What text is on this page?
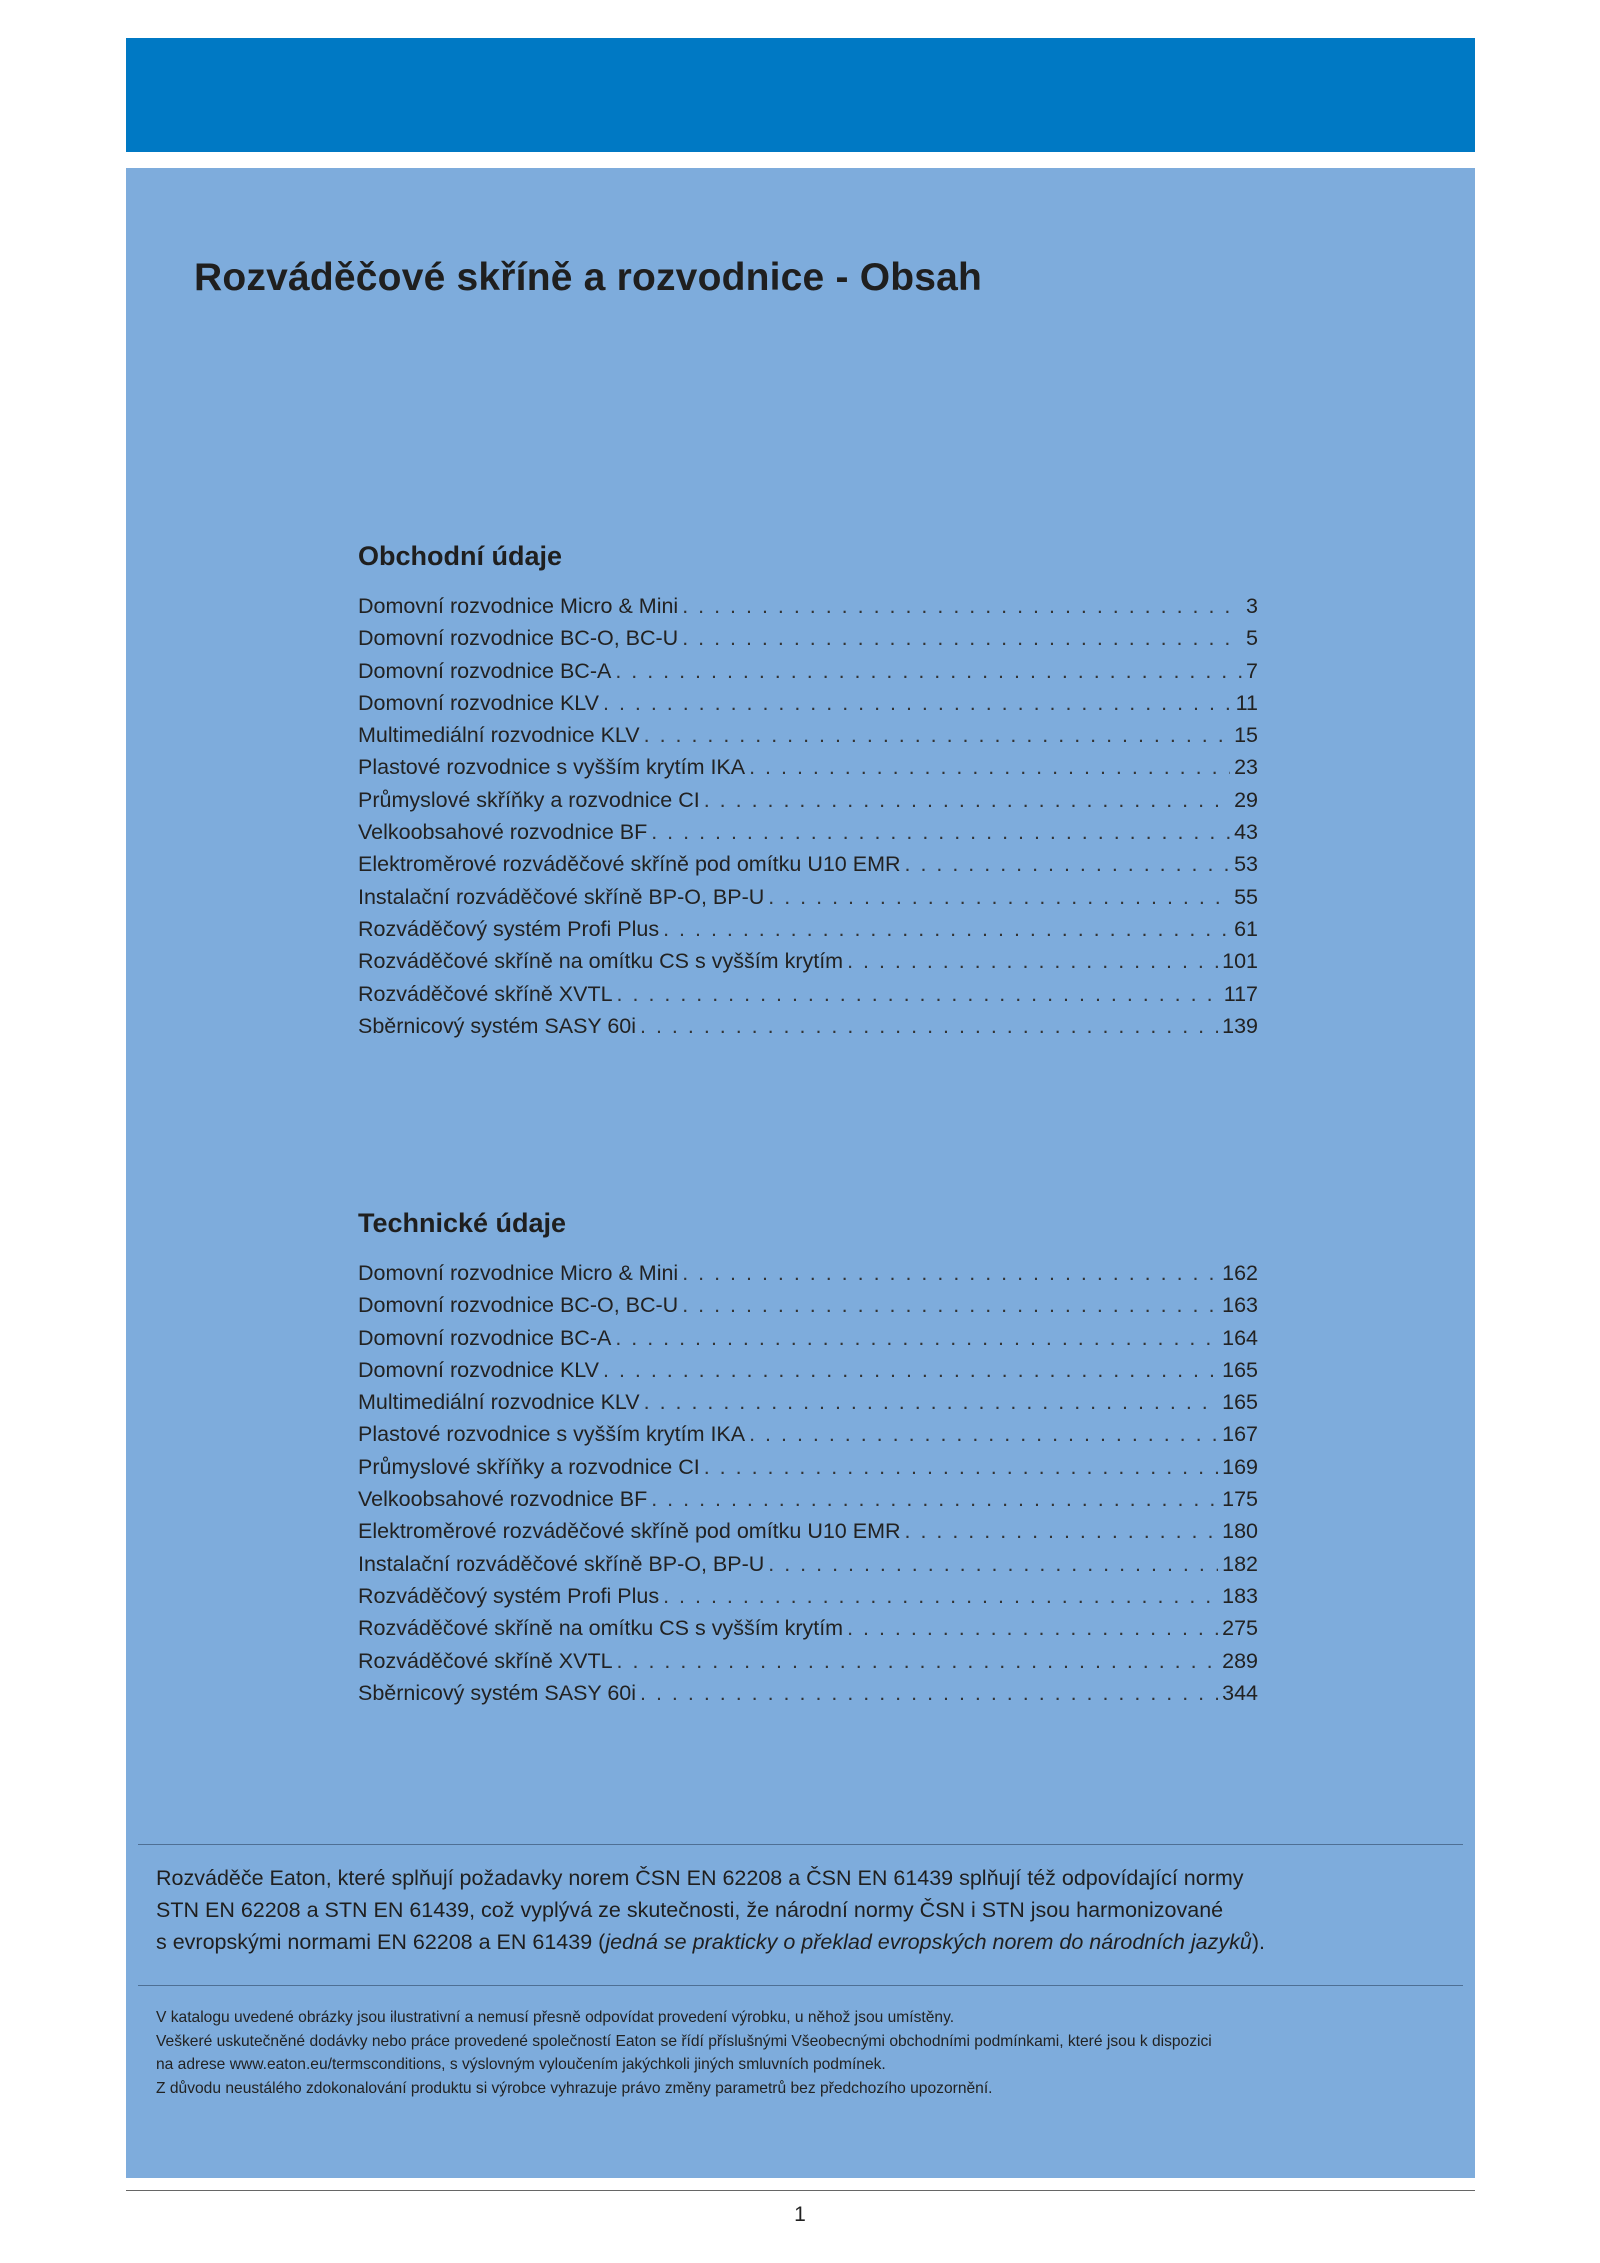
Rozváděčové skříně a rozvodnice - Obsah
Obchodní údaje
Domovní rozvodnice Micro & Mini . . .	3
Domovní rozvodnice BC-O, BC-U . . .	5
Domovní rozvodnice BC-A . . .	7
Domovní rozvodnice KLV . . .	11
Multimediální rozvodnice KLV . . .	15
Plastové rozvodnice s vyšším krytím IKA . . .	23
Průmyslové skříňky a rozvodnice CI . . .	29
Velkoobsahové rozvodnice BF . . .	43
Elektroměrové rozváděčové skříně pod omítku U10 EMR . . .	53
Instalační rozváděčové skříně BP-O, BP-U . . .	55
Rozváděčový systém Profi Plus . . .	61
Rozváděčové skříně na omítku CS s vyšším krytím . . .	101
Rozváděčové skříně XVTL . . .	117
Sběrnicový systém SASY 60i . . .	139
Technické údaje
Domovní rozvodnice Micro & Mini . . .	162
Domovní rozvodnice BC-O, BC-U . . .	163
Domovní rozvodnice BC-A . . .	164
Domovní rozvodnice KLV . . .	165
Multimediální rozvodnice KLV . . .	165
Plastové rozvodnice s vyšším krytím IKA . . .	167
Průmyslové skříňky a rozvodnice CI . . .	169
Velkoobsahové rozvodnice BF . . .	175
Elektroměrové rozváděčové skříně pod omítku U10 EMR . . .	180
Instalační rozváděčové skříně BP-O, BP-U . . .	182
Rozváděčový systém Profi Plus . . .	183
Rozváděčové skříně na omítku CS s vyšším krytím . . .	275
Rozváděčové skříně XVTL . . .	289
Sběrnicový systém SASY 60i . . .	344

Rozváděče Eaton, které splňují požadavky norem ČSN EN 62208 a ČSN EN 61439 splňují též odpovídající normy

STN EN 62208 a STN EN 61439, což vyplývá ze skutečnosti, že národní normy ČSN i STN jsou harmonizované

s evropskými normami EN 62208 a EN 61439 (jedná se prakticky o překlad evropských norem do národních jazyků).

V katalogu uvedené obrázky jsou ilustrativní a nemusí přesně odpovídat provedení výrobku, u něhož jsou umístěny.

Veškeré uskutečněné dodávky nebo práce provedené společností Eaton se řídí příslušnými Všeobecnými obchodními podmínkami, které jsou k dispozici

na adrese www.eaton.eu/termsconditions, s výslovným vyloučením jakýchkoli jiných smluvních podmínek.

Z důvodu neustálého zdokonalování produktu si výrobce vyhrazuje právo změny parametrů bez předchozího upozornění.

1
